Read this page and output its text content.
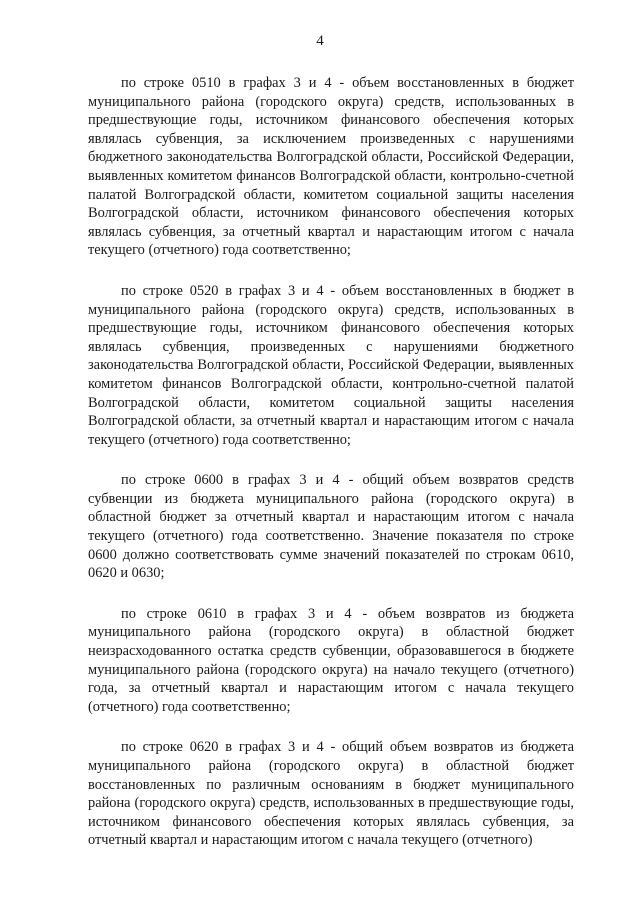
4

по строке 0510 в графах 3 и 4 - объем восстановленных в бюджет муниципального района (городского округа) средств, использованных в предшествующие годы, источником финансового обеспечения которых являлась субвенция, за исключением произведенных с нарушениями бюджетного законодательства Волгоградской области, Российской Федерации, выявленных комитетом финансов Волгоградской области, контрольно-счетной палатой Волгоградской области, комитетом социальной защиты населения Волгоградской области, источником финансового обеспечения которых являлась субвенция, за отчетный квартал и нарастающим итогом с начала текущего (отчетного) года соответственно;

по строке 0520 в графах 3 и 4 - объем восстановленных в бюджет в муниципального района (городского округа) средств, использованных в предшествующие годы, источником финансового обеспечения которых являлась субвенция, произведенных с нарушениями бюджетного законодательства Волгоградской области, Российской Федерации, выявленных комитетом финансов Волгоградской области, контрольно-счетной палатой Волгоградской области, комитетом социальной защиты населения Волгоградской области, за отчетный квартал и нарастающим итогом с начала текущего (отчетного) года соответственно;

по строке 0600 в графах 3 и 4 - общий объем возвратов средств субвенции из бюджета муниципального района (городского округа) в областной бюджет за отчетный квартал и нарастающим итогом с начала текущего (отчетного) года соответственно. Значение показателя по строке 0600 должно соответствовать сумме значений показателей по строкам 0610, 0620 и 0630;

по строке 0610 в графах 3 и 4 - объем возвратов из бюджета муниципального района (городского округа) в областной бюджет неизрасходованного остатка средств субвенции, образовавшегося в бюджете муниципального района (городского округа) на начало текущего (отчетного) года, за отчетный квартал и нарастающим итогом с начала текущего (отчетного) года соответственно;

по строке 0620 в графах 3 и 4 - общий объем возвратов из бюджета муниципального района (городского округа) в областной бюджет восстановленных по различным основаниям в бюджет муниципального района (городского округа) средств, использованных в предшествующие годы, источником финансового обеспечения которых являлась субвенция, за отчетный квартал и нарастающим итогом с начала текущего (отчетного)
